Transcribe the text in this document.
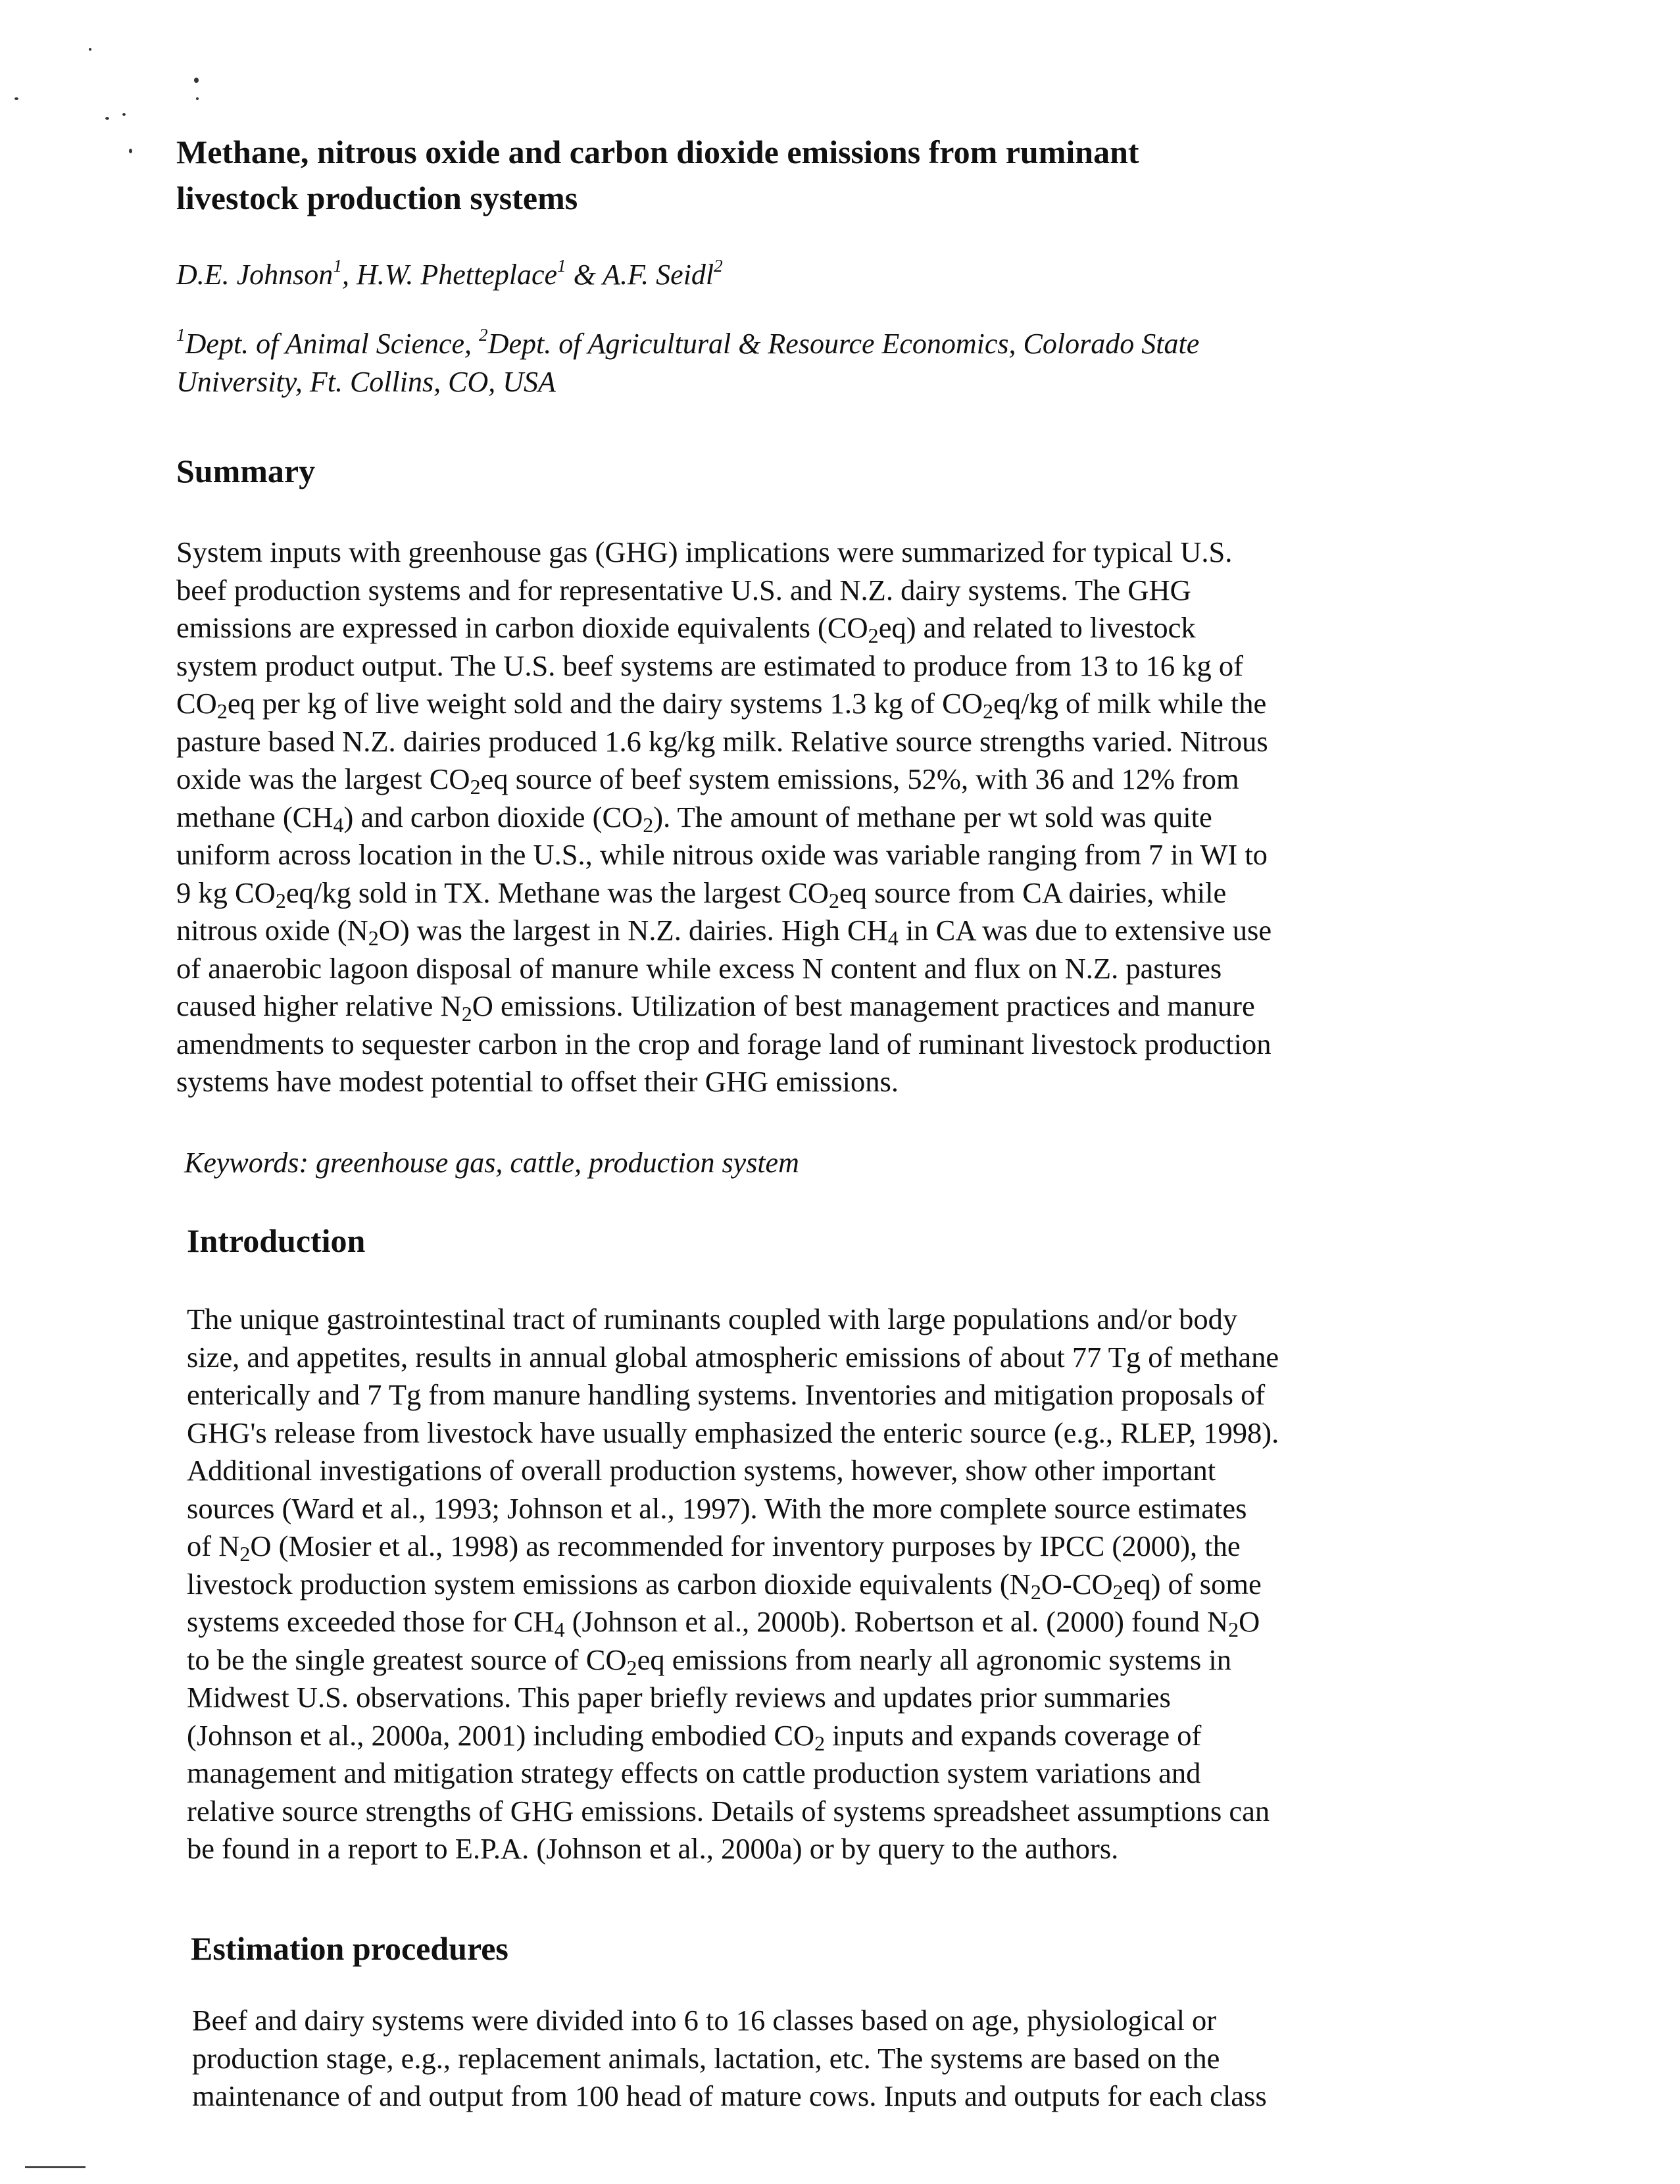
Methane, nitrous oxide and carbon dioxide emissions from ruminant
livestock production systems

D.E. Johnson$^1$, H.W. Phetteplace$^1$ & A.F. Seidl$^2$

$^1$Dept. of Animal Science, $^2$Dept. of Agricultural & Resource Economics, Colorado State
University, Ft. Collins, CO, USA

Summary
System inputs with greenhouse gas (GHG) implications were summarized for typical U.S.
beef production systems and for representative U.S. and N.Z. dairy systems. The GHG
emissions are expressed in carbon dioxide equivalents $(CO_2eq)$ and related to livestock
system product output. The U.S. beef systems are estimated to produce from 13 to 16 kg of
$CO_2eq$ per kg of live weight sold and the dairy systems 1.3 kg of $CO_2eq/kg$ of milk while the
pasture based N.Z. dairies produced 1.6 kg/kg milk. Relative source strengths varied. Nitrous
oxide was the largest $CO_2eq$ source of beef system emissions, 52%, with 36 and 12% from
methane $(CH_4)$ and carbon dioxide $(CO_2)$. The amount of methane per wt sold was quite
uniform across location in the U.S., while nitrous oxide was variable ranging from 7 in WI to
9 kg $CO_2eq/kg$ sold in TX. Methane was the largest $CO_2eq$ source from CA dairies, while
nitrous oxide $(N_2O)$ was the largest in N.Z. dairies. High $CH_4$ in CA was due to extensive use
of anaerobic lagoon disposal of manure while excess N content and flux on N.Z. pastures
caused higher relative $N_2O$ emissions. Utilization of best management practices and manure
amendments to sequester carbon in the crop and forage land of ruminant livestock production
systems have modest potential to offset their GHG emissions.

Keywords: greenhouse gas, cattle, production system

Introduction
The unique gastrointestinal tract of ruminants coupled with large populations and/or body
size, and appetites, results in annual global atmospheric emissions of about 77 Tg of methane
enterically and 7 Tg from manure handling systems. Inventories and mitigation proposals of
GHG's release from livestock have usually emphasized the enteric source (e.g., RLEP, 1998).
Additional investigations of overall production systems, however, show other important
sources (Ward et al., 1993; Johnson et al., 1997). With the more complete source estimates
of $N_2O$ (Mosier et al., 1998) as recommended for inventory purposes by IPCC (2000), the
livestock production system emissions as carbon dioxide equivalents $(N_2O-CO_2eq)$ of some
systems exceeded those for $CH_4$ (Johnson et al., 2000b). Robertson et al. (2000) found $N_2O$
to be the single greatest source of $CO_2eq$ emissions from nearly all agronomic systems in
Midwest U.S. observations. This paper briefly reviews and updates prior summaries
(Johnson et al., 2000a, 2001) including embodied $CO_2$ inputs and expands coverage of
management and mitigation strategy effects on cattle production system variations and
relative source strengths of GHG emissions. Details of systems spreadsheet assumptions can
be found in a report to E.P.A. (Johnson et al., 2000a) or by query to the authors.
Estimation procedures
Beef and dairy systems were divided into 6 to 16 classes based on age, physiological or
production stage, e.g., replacement animals, lactation, etc. The systems are based on the
maintenance of and output from 100 head of mature cows. Inputs and outputs for each class
